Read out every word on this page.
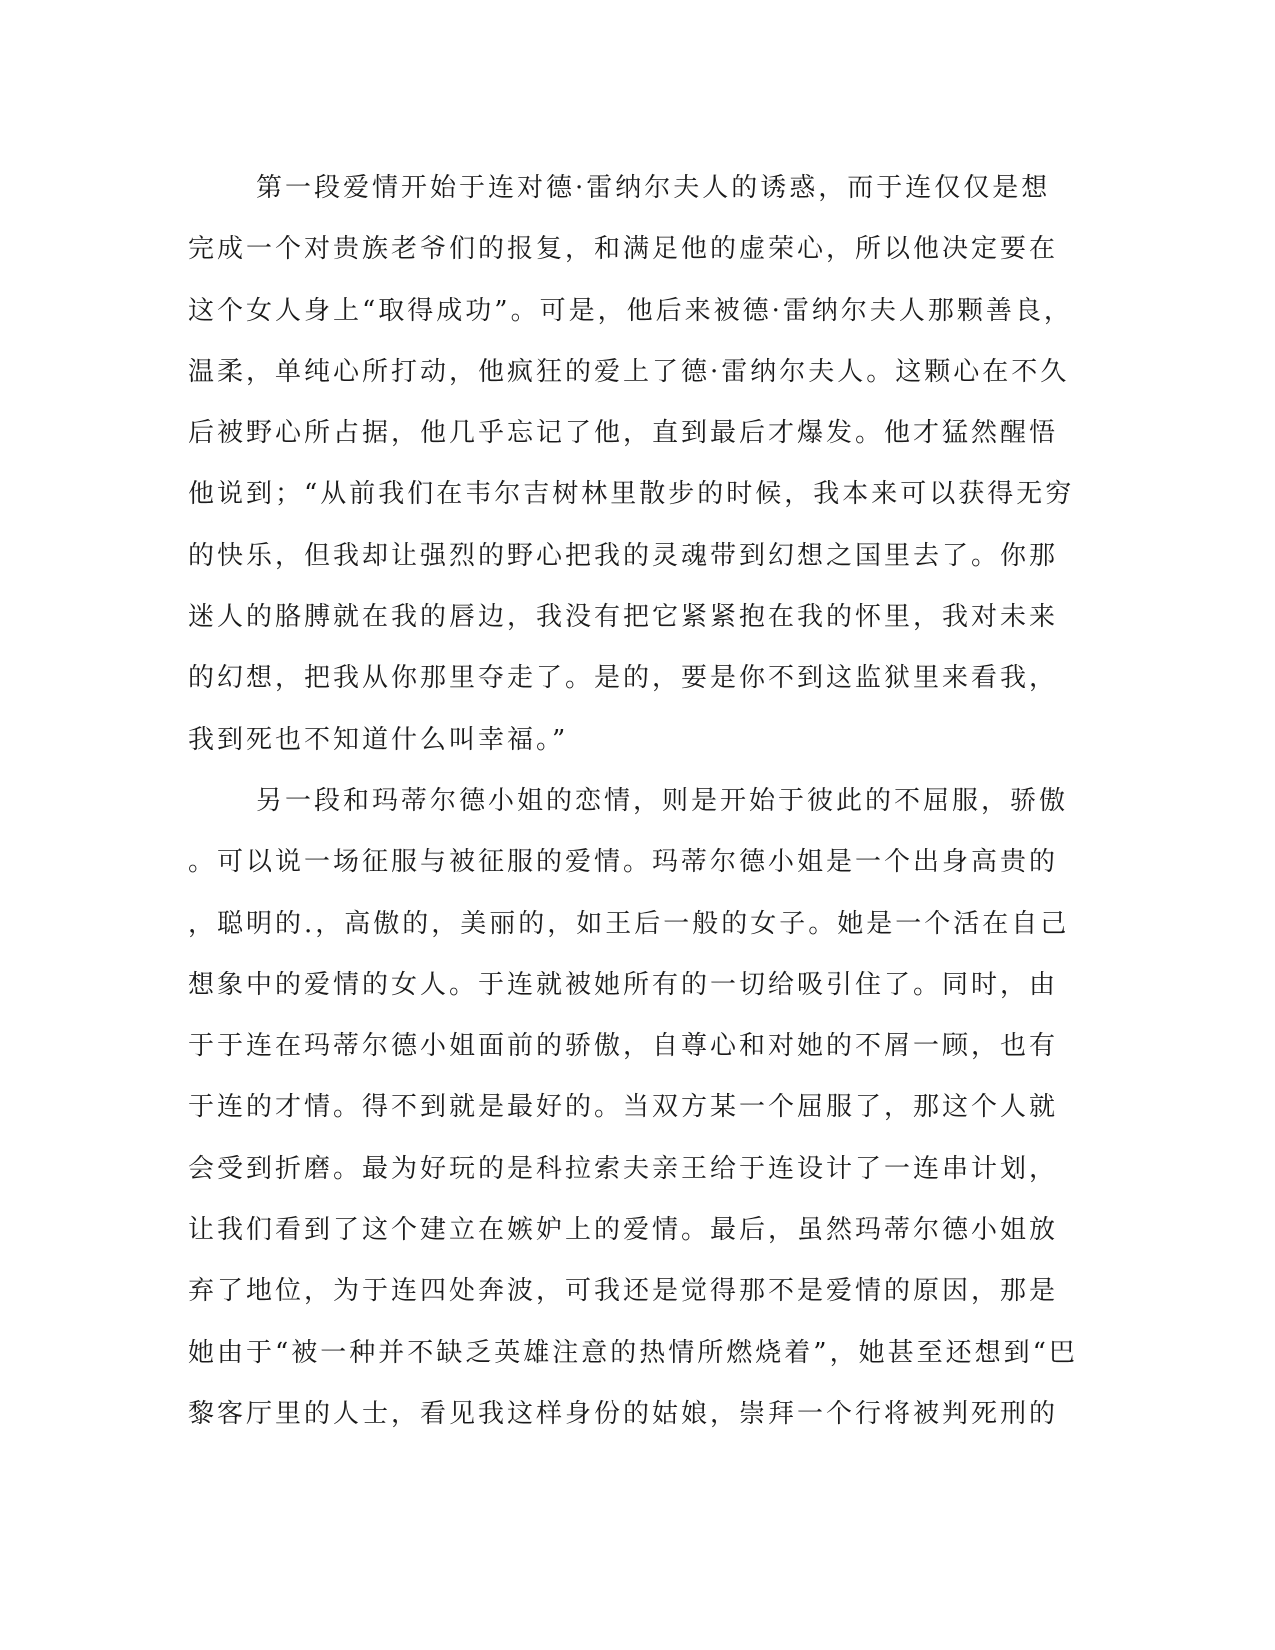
第一段爱情开始于连对德·雷纳尔夫人的诱惑，而于连仅仅是想
完成一个对贵族老爷们的报复，和满足他的虚荣心，所以他决定要在
这个女人身上“取得成功”。可是，他后来被德·雷纳尔夫人那颗善良，
温柔，单纯心所打动，他疯狂的爱上了德·雷纳尔夫人。这颗心在不久
后被野心所占据，他几乎忘记了他，直到最后才爆发。他才猛然醒悟
他说到；“从前我们在韦尔吉树林里散步的时候，我本来可以获得无穷
的快乐，但我却让强烈的野心把我的灵魂带到幻想之国里去了。你那
迷人的胳膊就在我的唇边，我没有把它紧紧抱在我的怀里，我对未来
的幻想，把我从你那里夺走了。是的，要是你不到这监狱里来看我，
我到死也不知道什么叫幸福。”
另一段和玛蒂尔德小姐的恋情，则是开始于彼此的不屈服，骄傲
。可以说一场征服与被征服的爱情。玛蒂尔德小姐是一个出身高贵的
，聪明的.，高傲的，美丽的，如王后一般的女子。她是一个活在自己
想象中的爱情的女人。于连就被她所有的一切给吸引住了。同时，由
于于连在玛蒂尔德小姐面前的骄傲，自尊心和对她的不屑一顾，也有
于连的才情。得不到就是最好的。当双方某一个屈服了，那这个人就
会受到折磨。最为好玩的是科拉索夫亲王给于连设计了一连串计划，
让我们看到了这个建立在嫉妒上的爱情。最后，虽然玛蒂尔德小姐放
弃了地位，为于连四处奔波，可我还是觉得那不是爱情的原因，那是
她由于“被一种并不缺乏英雄注意的热情所燃烧着”，她甚至还想到“巴
黎客厅里的人士，看见我这样身份的姑娘，崇拜一个行将被判死刑的
